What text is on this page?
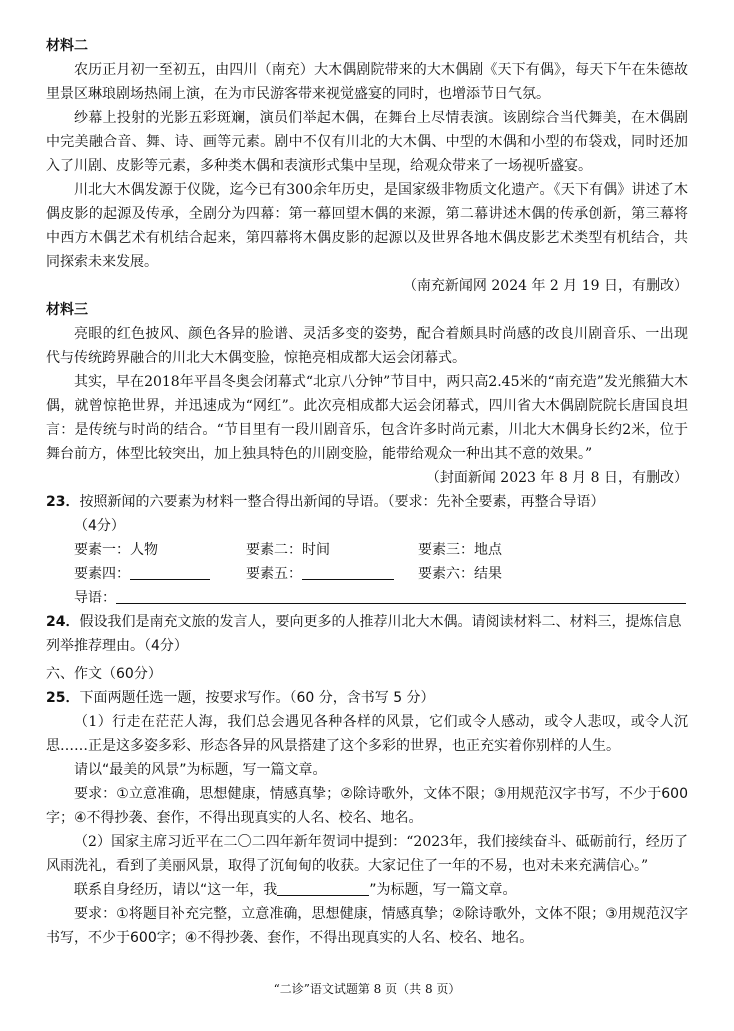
材料二
农历正月初一至初五，由四川（南充）大木偶剧院带来的大木偶剧《天下有偶》，每天下午在朱德故里景区琳琅剧场热闹上演，在为市民游客带来视觉盛宴的同时，也增添节日气氛。
纱幕上投射的光影五彩斑斓，演员们举起木偶，在舞台上尽情表演。该剧综合当代舞美，在木偶剧中完美融合音、舞、诗、画等元素。剧中不仅有川北的大木偶、中型的木偶和小型的布袋戏，同时还加入了川剧、皮影等元素，多种类木偶和表演形式集中呈现，给观众带来了一场视听盛宴。
川北大木偶发源于仪陇，迄今已有300余年历史，是国家级非物质文化遗产。《天下有偶》讲述了木偶皮影的起源及传承，全剧分为四幕：第一幕回望木偶的来源，第二幕讲述木偶的传承创新，第三幕将中西方木偶艺术有机结合起来，第四幕将木偶皮影的起源以及世界各地木偶皮影艺术类型有机结合，共同探索未来发展。
（南充新闻网 2024 年 2 月 19 日，有删改）
材料三
亮眼的红色披风、颜色各异的脸谱、灵活多变的姿势，配合着颇具时尚感的改良川剧音乐、一出现代与传统跨界融合的川北大木偶变脸，惊艳亮相成都大运会闭幕式。
其实，早在2018年平昌冬奥会闭幕式“北京八分钟”节目中，两只高2.45米的“南充造”发光熊猫大木偶，就曾惊艳世界，并迅速成为“网红”。此次亮相成都大运会闭幕式，四川省大木偶剧院院长唐国良坦言：是传统与时尚的结合。“节目里有一段川剧音乐，包含许多时尚元素，川北大木偶身长约2米，位于舞台前方，体型比较突出，加上独具特色的川剧变脸，能带给观众一种出其不意的效果。”
（封面新闻 2023 年 8 月 8 日，有删改）
23．按照新闻的六要素为材料一整合得出新闻的导语。（要求：先补全要素，再整合导语）
（4分）
要素一：人物	要素二：时间	要素三：地点
要素四：	要素五：	要素六：结果
导语：
24．假设我们是南充文旅的发言人，要向更多的人推荐川北大木偶。请阅读材料二、材料三，提炼信息列举推荐理由。（4分）
六、作文（60分）
25．下面两题任选一题，按要求写作。（60 分，含书写 5 分）
（1）行走在茫茫人海，我们总会遇见各种各样的风景，它们或令人感动，或令人悲叹，或令人沉思……正是这多姿多彩、形态各异的风景搭建了这个多彩的世界，也正充实着你别样的人生。
请以“最美的风景”为标题，写一篇文章。
要求：①立意准确，思想健康，情感真挚；②除诗歌外，文体不限；③用规范汉字书写，不少于600字；④不得抄袭、套作，不得出现真实的人名、校名、地名。
（2）国家主席习近平在二〇二四年新年贺词中提到：“2023年，我们接续奋斗、砥砺前行，经历了风雨洗礼，看到了美丽风景，取得了沉甸甸的收获。大家记住了一年的不易，也对未来充满信心。”
联系自身经历，请以“这一年，我	”为标题，写一篇文章。
要求：①将题目补充完整，立意准确，思想健康，情感真挚；②除诗歌外，文体不限；③用规范汉字书写，不少于600字；④不得抄袭、套作，不得出现真实的人名、校名、地名。
“二诊”语文试题第 8 页（共 8 页）
